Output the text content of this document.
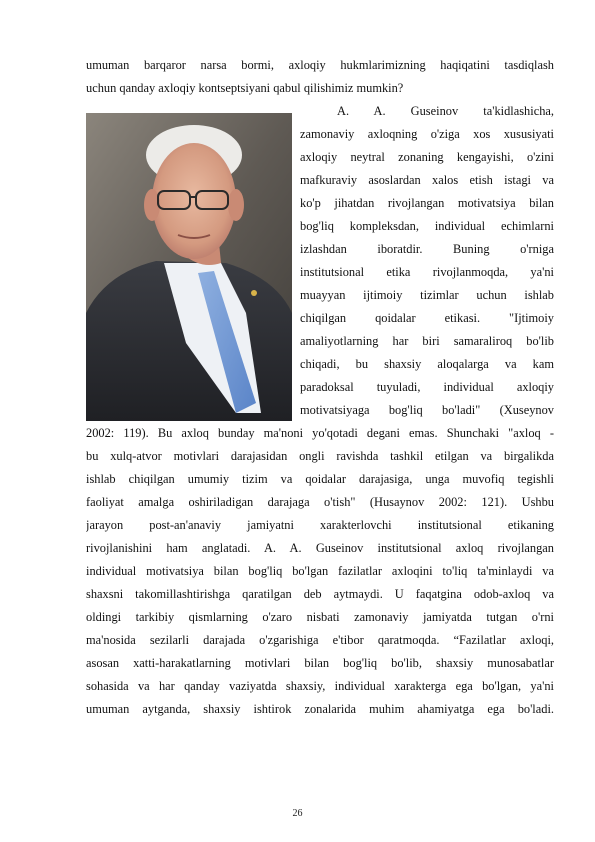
umuman barqaror narsa bormi, axloqiy hukmlarimizning haqiqatini tasdiqlash
uchun qanday axloqiy kontseptsiyani qabul qilishimiz mumkin?
A. A. Guseinov ta'kidlashicha,
zamonaviy axloqning o'ziga xos xususiyati
axloqiy neytral zonaning kengayishi, o'zini
mafkuraviy asoslardan xalos etish istagi va
ko'p jihatdan rivojlangan motivatsiya bilan
bog'liq kompleksdan, individual echimlarni
izlashdan iboratdir. Buning o'rniga
institutsional etika rivojlanmoqda, ya'ni
muayyan ijtimoiy tizimlar uchun ishlab
chiqilgan qoidalar etikasi. "Ijtimoiy
amaliyotlarning har biri samaraliroq bo'lib
chiqadi, bu shaxsiy aloqalarga va kam
paradoksal tuyuladi, individual axloqiy
motivatsiyaga bog'liq bo'ladi" (Xuseynov
2002: 119). Bu axloq bunday ma'noni yo'qotadi degani emas. Shunchaki "axloq -
bu xulq-atvor motivlari darajasidan ongli ravishda tashkil etilgan va birgalikda
ishlab chiqilgan umumiy tizim va qoidalar darajasiga, unga muvofiq tegishli
faoliyat amalga oshiriladigan darajaga o'tish" (Husaynov 2002: 121). Ushbu
jarayon post-an'anaviy jamiyatni xarakterlovchi institutsional etikaning
rivojlanishini ham anglatadi. A. A. Guseinov institutsional axloq rivojlangan
individual motivatsiya bilan bog'liq bo'lgan fazilatlar axloqini to'liq ta'minlaydi va
shaxsni takomillashtirishga qaratilgan deb aytmaydi. U faqatgina odob-axloq va
oldingi tarkibiy qismlarning o'zaro nisbati zamonaviy jamiyatda tutgan o'rni
ma'nosida sezilarli darajada o'zgarishiga e'tibor qaratmoqda. “Fazilatlar axloqi,
asosan xatti-harakatlarning motivlari bilan bog'liq bo'lib, shaxsiy munosabatlar
sohasida va har qanday vaziyatda shaxsiy, individual xarakterga ega bo'lgan, ya'ni
umuman aytganda, shaxsiy ishtirok zonalarida muhim ahamiyatga ega bo'ladi.
26
